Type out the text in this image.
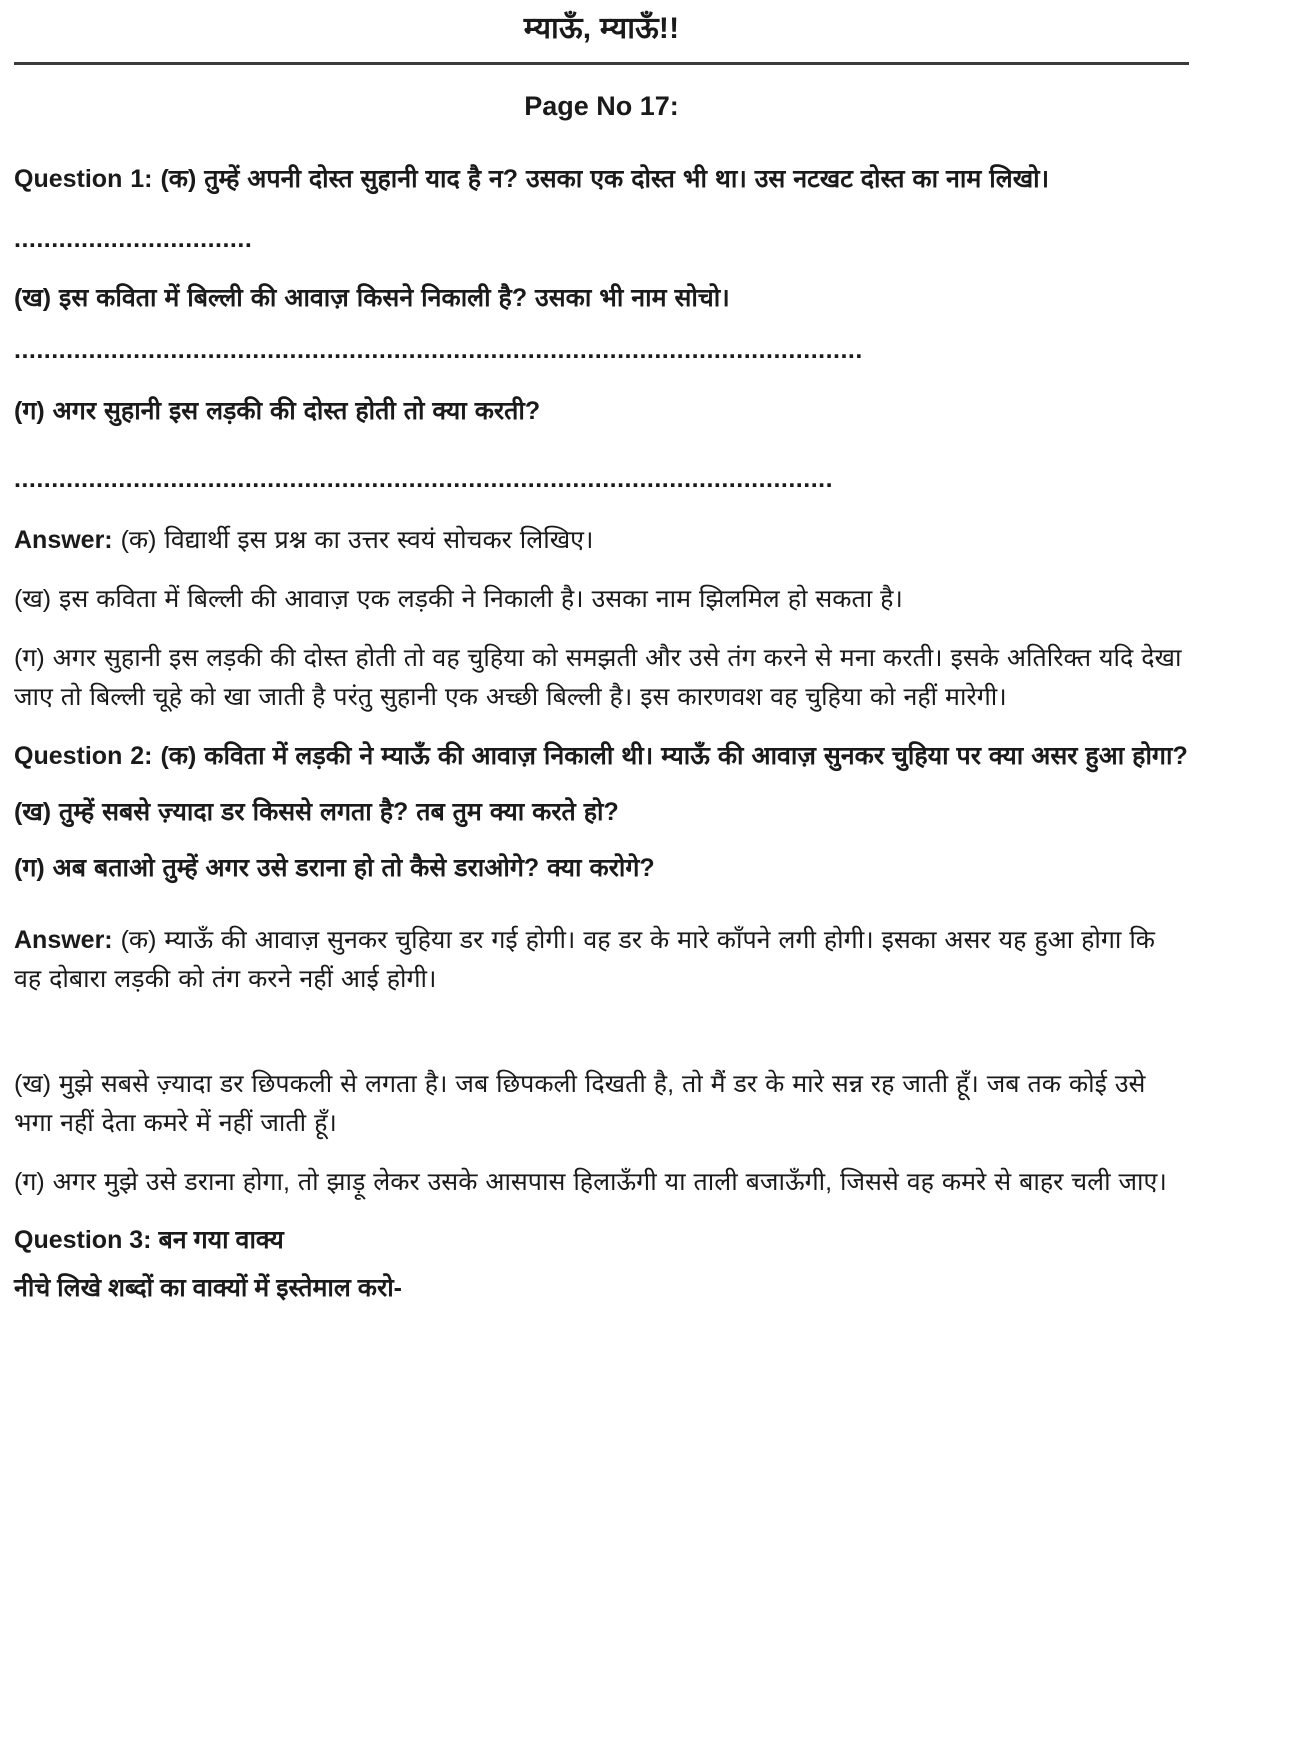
म्याऊँ, म्याऊँ!!
Page No 17:

Question 1: (क) तुम्हें अपनी दोस्त सुहानी याद है न? उसका एक दोस्त भी था। उस नटखट दोस्त का नाम लिखो।

................................

(ख) इस कविता में बिल्ली की आवाज़ किसने निकाली है? उसका भी नाम सोचो।

..................................................................................................................

(ग) अगर सुहानी इस लड़की की दोस्त होती तो क्या करती?

..............................................................................................................

Answer: (क) विद्यार्थी इस प्रश्न का उत्तर स्वयं सोचकर लिखिए।

(ख) इस कविता में बिल्ली की आवाज़ एक लड़की ने निकाली है। उसका नाम झिलमिल हो सकता है।

(ग) अगर सुहानी इस लड़की की दोस्त होती तो वह चुहिया को समझती और उसे तंग करने से मना करती। इसके अतिरिक्त यदि देखा जाए तो बिल्ली चूहे को खा जाती है परंतु सुहानी एक अच्छी बिल्ली है। इस कारणवश वह चुहिया को नहीं मारेगी।

Question 2: (क) कविता में लड़की ने म्याऊँ की आवाज़ निकाली थी। म्याऊँ की आवाज़ सुनकर चुहिया पर क्या असर हुआ होगा?

(ख) तुम्हें सबसे ज़्यादा डर किससे लगता है? तब तुम क्या करते हो?

(ग) अब बताओ तुम्हें अगर उसे डराना हो तो कैसे डराओगे? क्या करोगे?

Answer: (क) म्याऊँ की आवाज़ सुनकर चुहिया डर गई होगी। वह डर के मारे काँपने लगी होगी। इसका असर यह हुआ होगा कि वह दोबारा लड़की को तंग करने नहीं आई होगी।

(ख) मुझे सबसे ज़्यादा डर छिपकली से लगता है। जब छिपकली दिखती है, तो मैं डर के मारे सन्न रह जाती हूँ। जब तक कोई उसे भगा नहीं देता कमरे में नहीं जाती हूँ।

(ग) अगर मुझे उसे डराना होगा, तो झाड़ू लेकर उसके आसपास हिलाऊँगी या ताली बजाऊँगी, जिससे वह कमरे से बाहर चली जाए।

Question 3: बन गया वाक्य

नीचे लिखे शब्दों का वाक्यों में इस्तेमाल करो-
